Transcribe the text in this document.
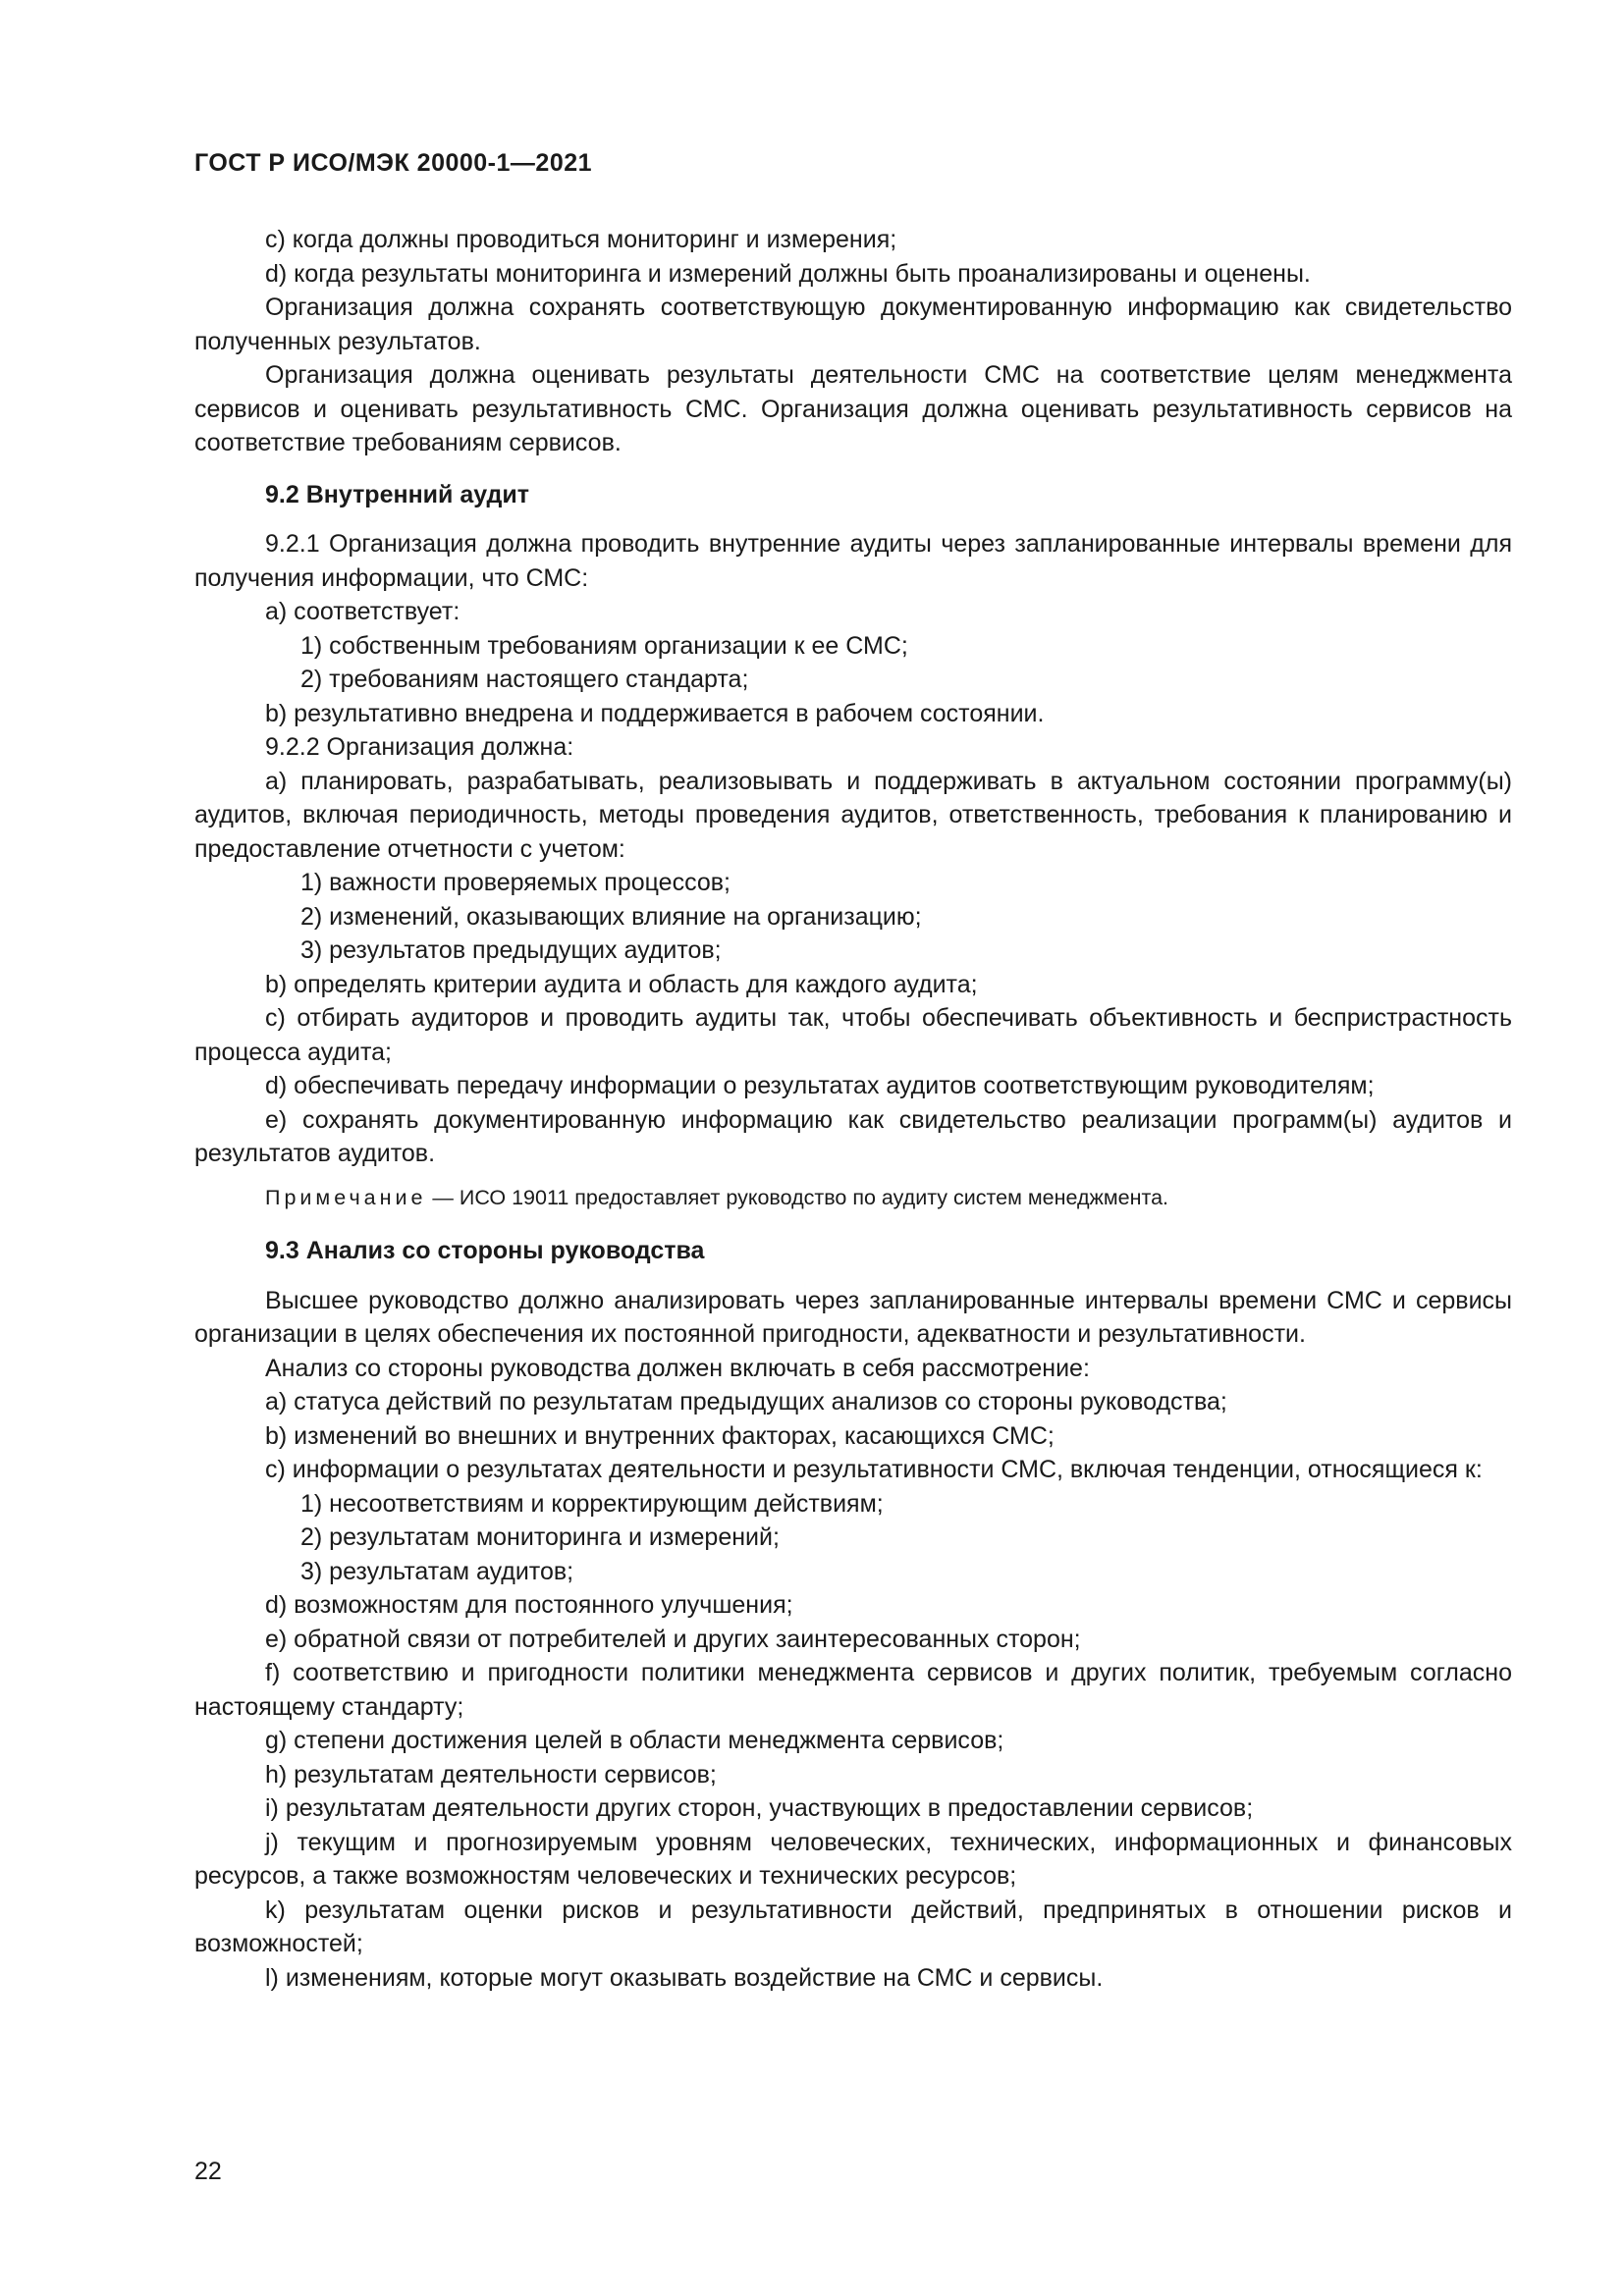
ГОСТ Р ИСО/МЭК 20000-1—2021

c) когда должны проводиться мониторинг и измерения;

d) когда результаты мониторинга и измерений должны быть проанализированы и оценены.

Организация должна сохранять соответствующую документированную информацию как свидетельство полученных результатов.

Организация должна оценивать результаты деятельности СМС на соответствие целям менеджмента сервисов и оценивать результативность СМС. Организация должна оценивать результативность сервисов на соответствие требованиям сервисов.

9.2 Внутренний аудит

9.2.1 Организация должна проводить внутренние аудиты через запланированные интервалы времени для получения информации, что СМС:

a) соответствует:

1) собственным требованиям организации к ее СМС;

2) требованиям настоящего стандарта;

b) результативно внедрена и поддерживается в рабочем состоянии.

9.2.2 Организация должна:

a) планировать, разрабатывать, реализовывать и поддерживать в актуальном состоянии программу(ы) аудитов, включая периодичность, методы проведения аудитов, ответственность, требования к планированию и предоставление отчетности с учетом:

1) важности проверяемых процессов;

2) изменений, оказывающих влияние на организацию;

3) результатов предыдущих аудитов;

b) определять критерии аудита и область для каждого аудита;

c) отбирать аудиторов и проводить аудиты так, чтобы обеспечивать объективность и беспристрастность процесса аудита;

d) обеспечивать передачу информации о результатах аудитов соответствующим руководителям;

e) сохранять документированную информацию как свидетельство реализации программ(ы) аудитов и результатов аудитов.

Примечание — ИСО 19011 предоставляет руководство по аудиту систем менеджмента.
9.3 Анализ со стороны руководства

Высшее руководство должно анализировать через запланированные интервалы времени СМС и сервисы организации в целях обеспечения их постоянной пригодности, адекватности и результативности.

Анализ со стороны руководства должен включать в себя рассмотрение:

a) статуса действий по результатам предыдущих анализов со стороны руководства;

b) изменений во внешних и внутренних факторах, касающихся СМС;

c) информации о результатах деятельности и результативности СМС, включая тенденции, относящиеся к:

1) несоответствиям и корректирующим действиям;

2) результатам мониторинга и измерений;

3) результатам аудитов;

d) возможностям для постоянного улучшения;

e) обратной связи от потребителей и других заинтересованных сторон;

f) соответствию и пригодности политики менеджмента сервисов и других политик, требуемым согласно настоящему стандарту;

g) степени достижения целей в области менеджмента сервисов;

h) результатам деятельности сервисов;

i) результатам деятельности других сторон, участвующих в предоставлении сервисов;

j) текущим и прогнозируемым уровням человеческих, технических, информационных и финансовых ресурсов, а также возможностям человеческих и технических ресурсов;

k) результатам оценки рисков и результативности действий, предпринятых в отношении рисков и возможностей;

l) изменениям, которые могут оказывать воздействие на СМС и сервисы.

22
